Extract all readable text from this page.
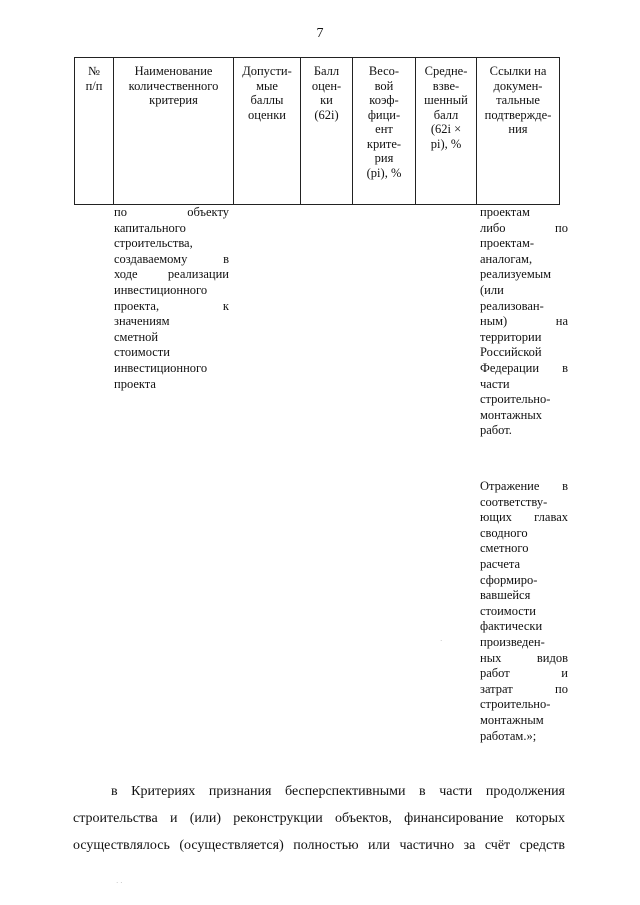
7
№
п/п
Наименование
количественного
критерия
Допусти-
мые
баллы
оценки
Балл
оцен-
ки
(62i)
Весо-
вой
коэф-
фици-
ент
крите-
рия
(pi), %
Средне-
взве-
шенный
балл
(62i ×
pi), %
Ссылки на
докумен-
тальные
подтвержде-
ния
по объекту
капитального
строительства,
создаваемому в
ходе реализации
инвестиционного
проекта, к
значениям
сметной
стоимости
инвестиционного
проекта
проектам
либо по
проектам-
аналогам,
реализуемым
(или
реализован-
ным) на
территории
Российской
Федерации в
части
строительно-
монтажных
работ.
Отражение в
соответству-
ющих главах
сводного
сметного
расчета
сформиро-
вавшейся
стоимости
фактически
произведен-
ных видов
работ и
затрат по
строительно-
монтажным
работам.»;
в Критериях признания бесперспективными в части продолжения
строительства и (или) реконструкции объектов, финансирование которых
осуществлялось (осуществляется) полностью или частично за счёт средств
·
· ·
